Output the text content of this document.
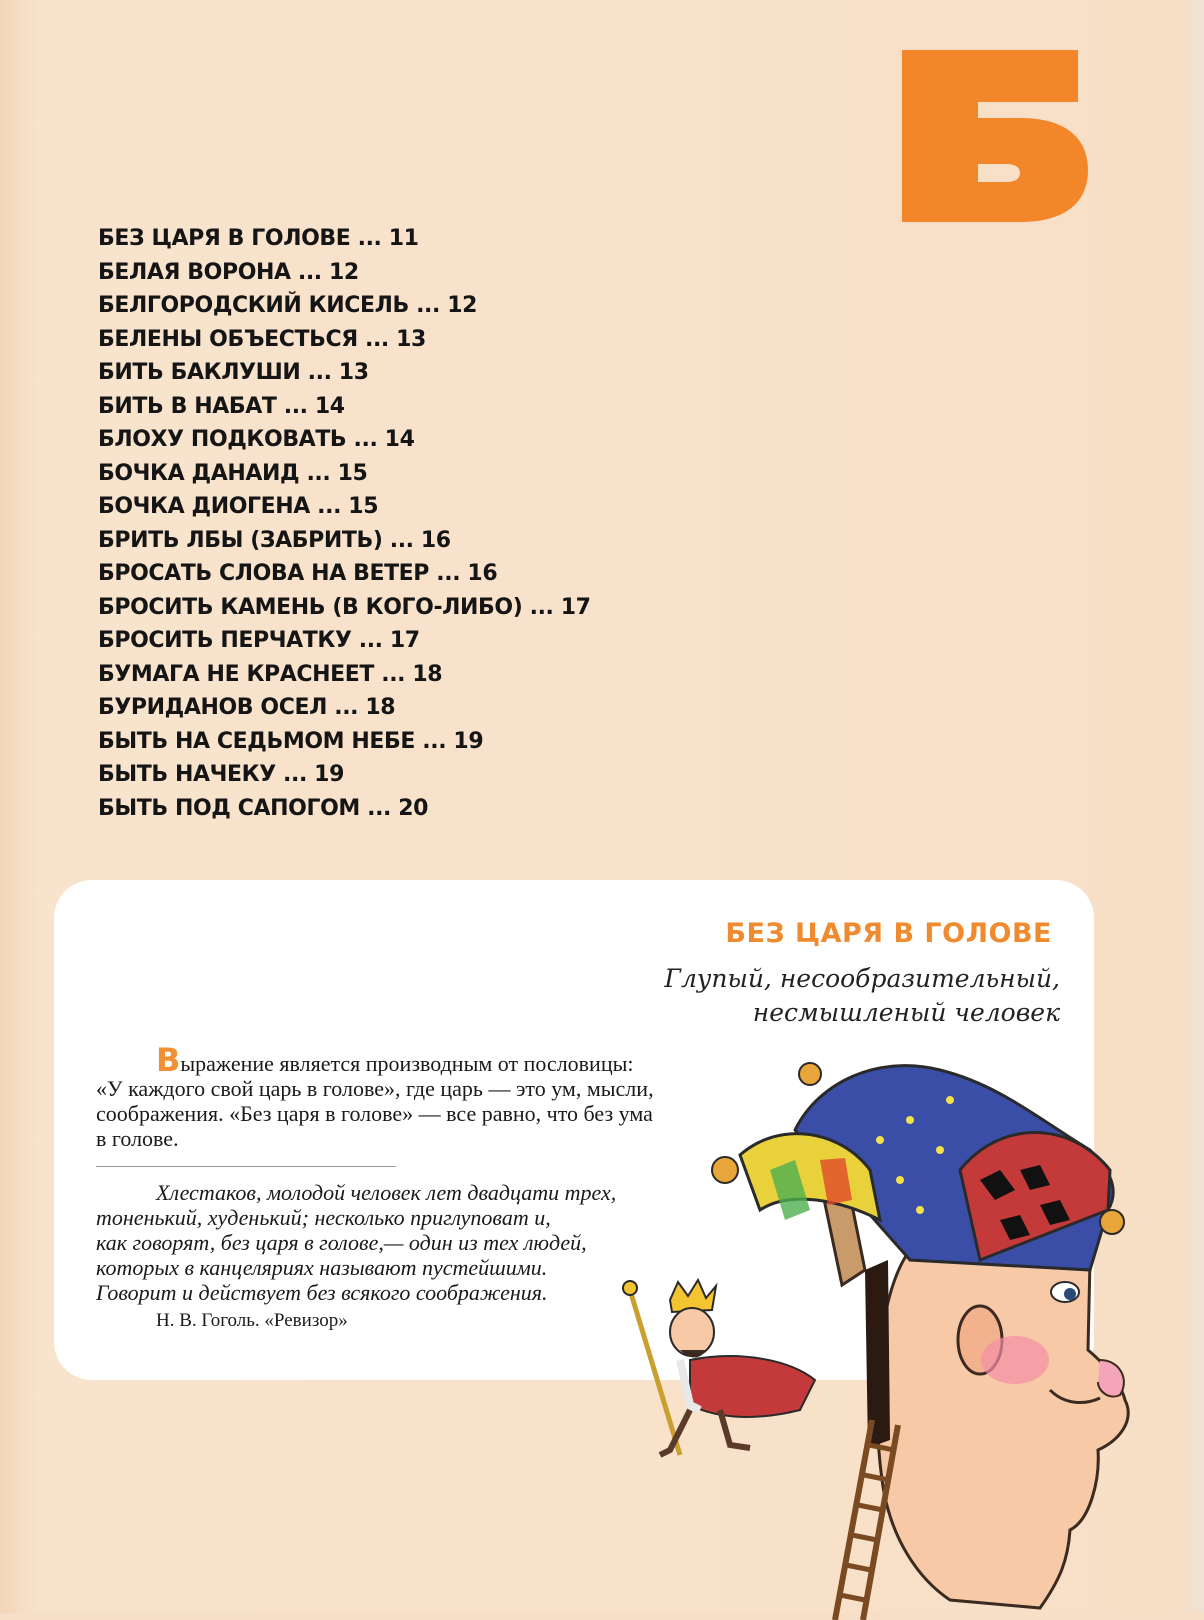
БЕЗ ЦАРЯ В ГОЛОВЕ ... 11
БЕЛАЯ ВОРОНА ... 12
БЕЛГОРОДСКИЙ КИСЕЛЬ ... 12
БЕЛЕНЫ ОБЪЕСТЬСЯ ... 13
БИТЬ БАКЛУШИ ... 13
БИТЬ В НАБАТ ... 14
БЛОХУ ПОДКОВАТЬ ... 14
БОЧКА ДАНАИД ... 15
БОЧКА ДИОГЕНА ... 15
БРИТЬ ЛБЫ (ЗАБРИТЬ) ... 16
БРОСАТЬ СЛОВА НА ВЕТЕР ... 16
БРОСИТЬ КАМЕНЬ (В КОГО-ЛИБО) ... 17
БРОСИТЬ ПЕРЧАТКУ ... 17
БУМАГА НЕ КРАСНЕЕТ ... 18
БУРИДАНОВ ОСЕЛ ... 18
БЫТЬ НА СЕДЬМОМ НЕБЕ ... 19
БЫТЬ НАЧЕКУ ... 19
БЫТЬ ПОД САПОГОМ ... 20
БЕЗ ЦАРЯ В ГОЛОВЕ
Глупый, несообразительный,
несмышленый человек
Выражение является производным от пословицы:
«У каждого свой царь в голове», где царь — это ум, мысли,
соображения. «Без царя в голове» — все равно, что без ума
в голове.
Хлестаков, молодой человек лет двадцати трех,
тоненький, худенький; несколько приглуповат и,
как говорят, без царя в голове,— один из тех людей,
которых в канцеляриях называют пустейшими.
Говорит и действует без всякого соображения.
Н. В. Гоголь. «Ревизор»
